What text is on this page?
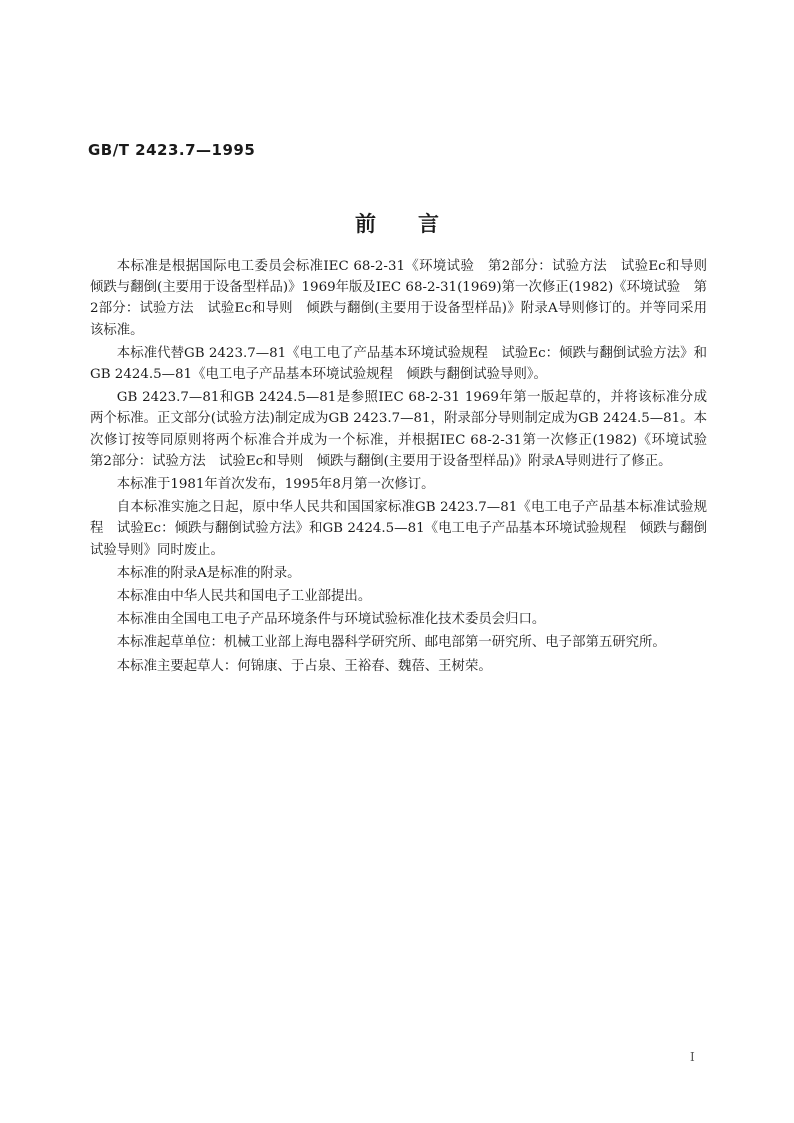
GB/T 2423.7—1995
前言

本标准是根据国际电工委员会标准IEC 68-2-31《环境试验　第2部分：试验方法　试验Ec和导则　倾跌与翻倒(主要用于设备型样品)》1969年版及IEC 68-2-31(1969)第一次修正(1982)《环境试验　第2部分：试验方法　试验Ec和导则　倾跌与翻倒(主要用于设备型样品)》附录A导则修订的。并等同采用该标准。

本标准代替GB 2423.7—81《电工电了产品基本环境试验规程　试验Ec：倾跌与翻倒试验方法》和GB 2424.5—81《电工电子产品基本环境试验规程　倾跌与翻倒试验导则》。

GB 2423.7—81和GB 2424.5—81是参照IEC 68-2-31 1969年第一版起草的，并将该标准分成两个标准。正文部分(试验方法)制定成为GB 2423.7—81，附录部分导则制定成为GB 2424.5—81。本次修订按等同原则将两个标准合并成为一个标准，并根据IEC 68-2-31第一次修正(1982)《环境试验　第2部分：试验方法　试验Ec和导则　倾跌与翻倒(主要用于设备型样品)》附录A导则进行了修正。

本标准于1981年首次发布，1995年8月第一次修订。

自本标准实施之日起，原中华人民共和国国家标准GB 2423.7—81《电工电子产品基本标准试验规程　试验Ec：倾跌与翻倒试验方法》和GB 2424.5—81《电工电子产品基本环境试验规程　倾跌与翻倒试验导则》同时废止。

本标准的附录A是标准的附录。

本标准由中华人民共和国电子工业部提出。

本标准由全国电工电子产品环境条件与环境试验标准化技术委员会归口。

本标准起草单位：机械工业部上海电器科学研究所、邮电部第一研究所、电子部第五研究所。

本标准主要起草人：何锦康、于占泉、王裕春、魏蓓、王树荣。

I
